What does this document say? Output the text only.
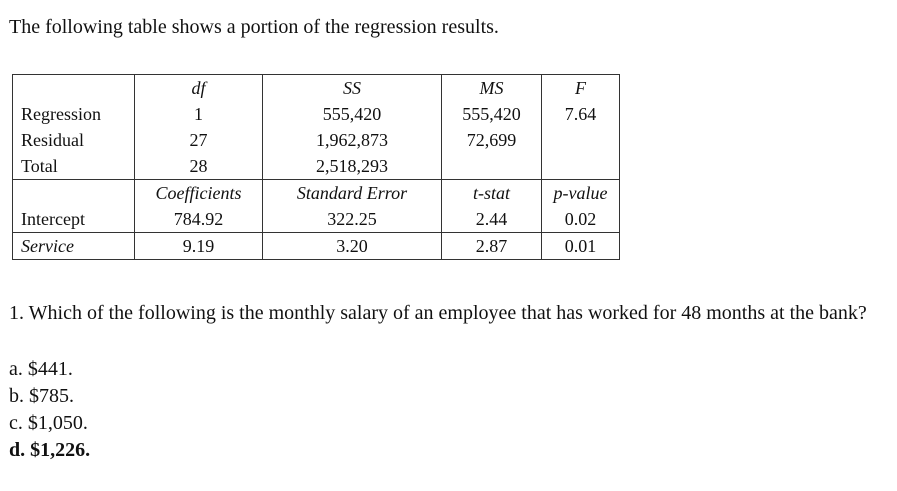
The following table shows a portion of the regression results.
	df	SS	MS	F
Regression	1	555,420	555,420	7.64
Residual	27	1,962,873	72,699	
Total	28	2,518,293		
	Coefficients	Standard Error	t-stat	p-value
Intercept	784.92	322.25	2.44	0.02
Service	9.19	3.20	2.87	0.01
1. Which of the following is the monthly salary of an employee that has worked for 48 months at the bank?
a. $441.
b. $785.
c. $1,050.
d. $1,226.
